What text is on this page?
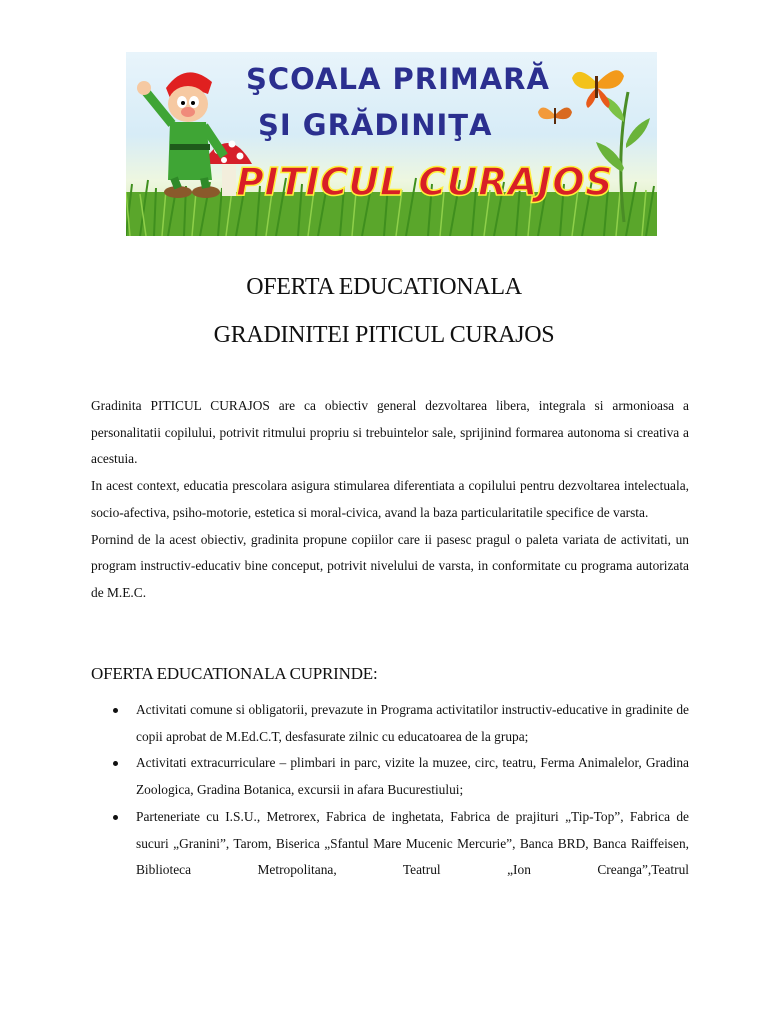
ŞCOALA PRIMARĂ
ŞI GRĂDINIŢA
PITICUL CURAJOS
OFERTA EDUCATIONALA
GRADINITEI PITICUL CURAJOS

Gradinita PITICUL CURAJOS are ca obiectiv general dezvoltarea libera, integrala si armonioasa a personalitatii copilului, potrivit ritmului propriu si trebuintelor sale, sprijinind formarea autonoma si creativa a acestuia.

In acest context, educatia prescolara asigura stimularea diferentiata a copilului pentru dezvoltarea intelectuala, socio-afectiva, psiho-motorie, estetica si moral-civica, avand la baza particularitatile specifice de varsta.

Pornind de la acest obiectiv, gradinita propune copiilor care ii pasesc pragul o paleta variata de activitati, un program instructiv-educativ bine conceput, potrivit nivelului de varsta, in conformitate cu programa autorizata de M.E.C.

OFERTA EDUCATIONALA CUPRINDE:
Activitati comune si obligatorii, prevazute in Programa activitatilor instructiv-educative in gradinite de copii aprobat de M.Ed.C.T, desfasurate zilnic cu educatoarea de la grupa;
Activitati extracurriculare – plimbari in parc, vizite la muzee, circ, teatru, Ferma Animalelor, Gradina Zoologica, Gradina Botanica, excursii in afara Bucurestiului;
Parteneriate cu I.S.U., Metrorex, Fabrica de inghetata, Fabrica de prajituri „Tip-Top”, Fabrica de sucuri „Granini”, Tarom, Biserica „Sfantul Mare Mucenic Mercurie”, Banca BRD, Banca Raiffeisen, Biblioteca Metropolitana, Teatrul „Ion Creanga”,Teatrul
